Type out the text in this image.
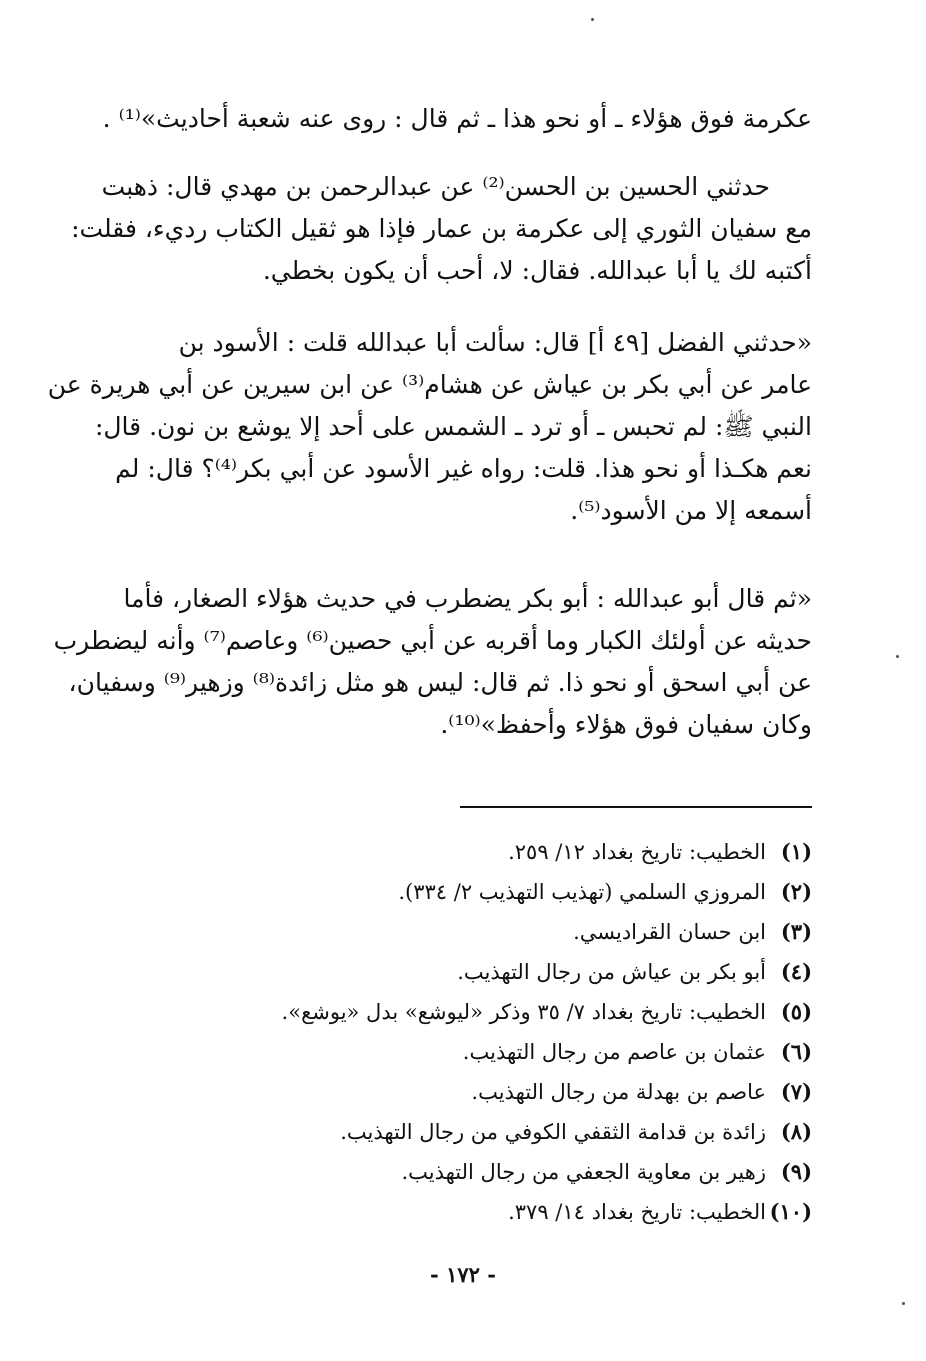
عكرمة فوق هؤلاء ـ أو نحو هذا ـ ثم قال : روى عنه شعبة أحاديث»⁽¹⁾ .
حدثني الحسين بن الحسن⁽²⁾ عن عبدالرحمن بن مهدي قال: ذهبت
مع سفيان الثوري إلى عكرمة بن عمار فإذا هو ثقيل الكتاب رديء، فقلت:
أكتبه لك يا أبا عبدالله. فقال: لا، أحب أن يكون بخطي.
«حدثني الفضل [٤٩ أ] قال: سألت أبا عبدالله قلت : الأسود بن
عامر عن أبي بكر بن عياش عن هشام⁽³⁾ عن ابن سيرين عن أبي هريرة عن
النبي ﷺ: لم تحبس ـ أو ترد ـ الشمس على أحد إلا يوشع بن نون. قال:
نعم هكـذا أو نحو هذا. قلت: رواه غير الأسود عن أبي بكر⁽⁴⁾؟ قال: لم
أسمعه إلا من الأسود⁽⁵⁾.
«ثم قال أبو عبدالله : أبو بكر يضطرب في حديث هؤلاء الصغار، فأما
حديثه عن أولئك الكبار وما أقربه عن أبي حصين⁽⁶⁾ وعاصم⁽⁷⁾ وأنه ليضطرب
عن أبي اسحق أو نحو ذا. ثم قال: ليس هو مثل زائدة⁽⁸⁾ وزهير⁽⁹⁾ وسفيان،
وكان سفيان فوق هؤلاء وأحفظ»⁽¹⁰⁾.
(١)الخطيب: تاريخ بغداد ١٢/ ٢٥٩.
(٢)المروزي السلمي (تهذيب التهذيب ٢/ ٣٣٤).
(٣)ابن حسان القراديسي.
(٤)أبو بكر بن عياش من رجال التهذيب.
(٥)الخطيب: تاريخ بغداد ٧/ ٣٥ وذكر «ليوشع» بدل «يوشع».
(٦)عثمان بن عاصم من رجال التهذيب.
(٧)عاصم بن بهدلة من رجال التهذيب.
(٨)زائدة بن قدامة الثقفي الكوفي من رجال التهذيب.
(٩)زهير بن معاوية الجعفي من رجال التهذيب.
(١٠)الخطيب: تاريخ بغداد ١٤/ ٣٧٩.
- ١٧٢ -
